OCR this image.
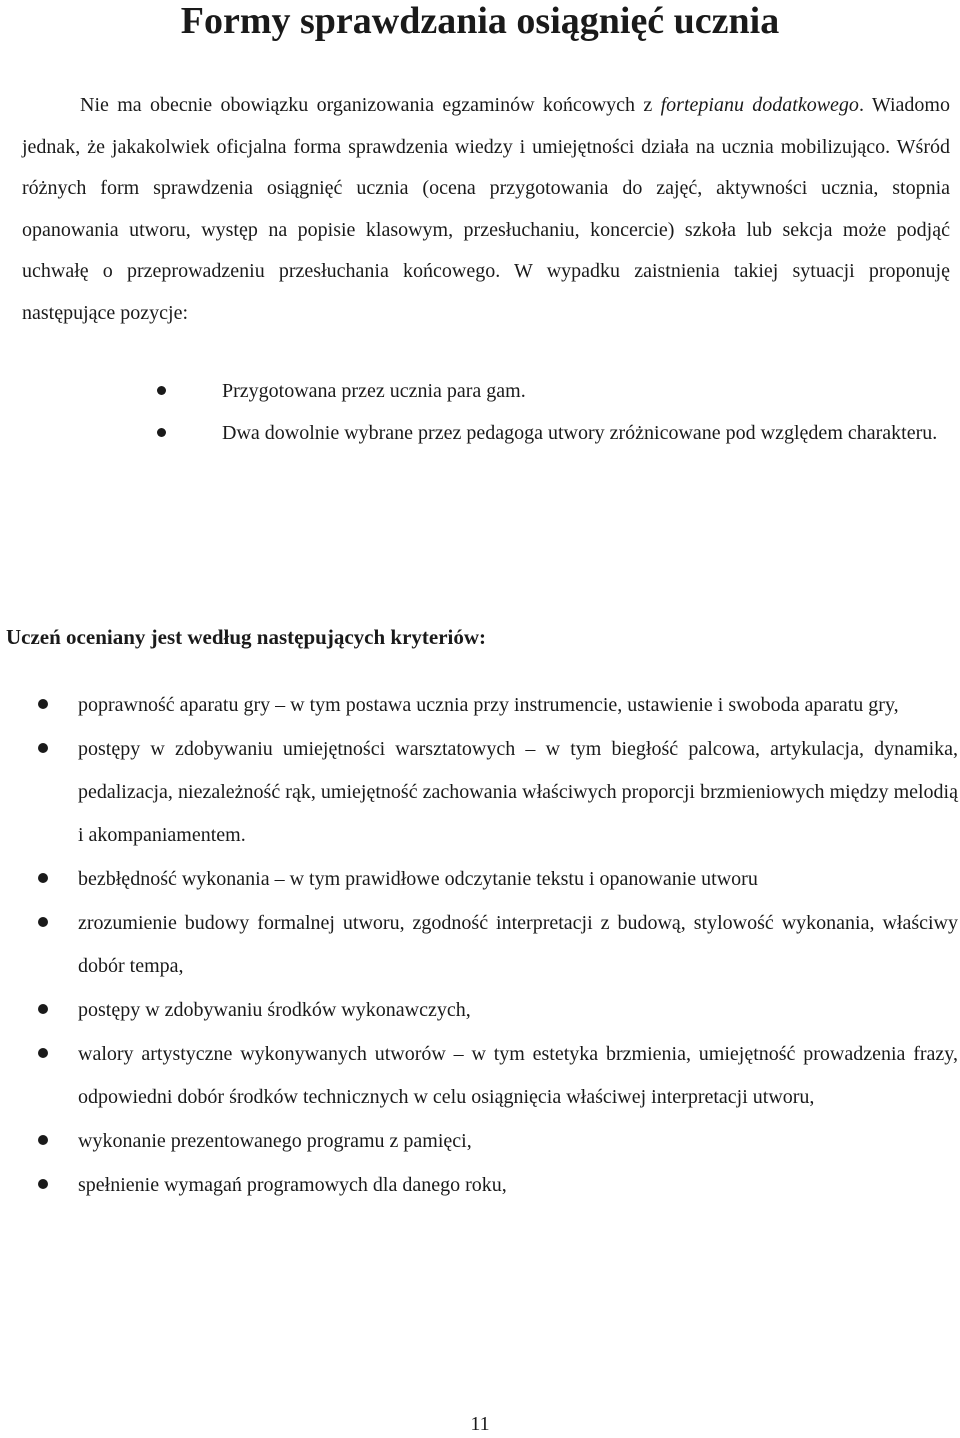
Formy sprawdzania osiągnięć ucznia

Nie ma obecnie obowiązku organizowania egzaminów końcowych z fortepianu dodatkowego. Wiadomo jednak, że jakakolwiek oficjalna forma sprawdzenia wiedzy i umiejętności działa na ucznia mobilizująco. Wśród różnych form sprawdzenia osiągnięć ucznia (ocena przygotowania do zajęć, aktywności ucznia, stopnia opanowania utworu, występ na popisie klasowym, przesłuchaniu, koncercie) szkoła lub sekcja może podjąć uchwałę o przeprowadzeniu przesłuchania końcowego. W wypadku zaistnienia takiej sytuacji proponuję następujące pozycje:

Przygotowana przez ucznia para gam.
Dwa dowolnie wybrane przez pedagoga utwory zróżnicowane pod względem charakteru.
Uczeń oceniany jest według następujących kryteriów:
poprawność aparatu gry – w tym postawa ucznia przy instrumencie, ustawienie i swoboda aparatu gry,
postępy w zdobywaniu umiejętności warsztatowych – w tym biegłość palcowa, artykulacja, dynamika, pedalizacja, niezależność rąk, umiejętność zachowania właściwych proporcji brzmieniowych między melodią i akompaniamentem.
bezbłędność wykonania – w tym prawidłowe odczytanie tekstu i opanowanie utworu
zrozumienie budowy formalnej utworu, zgodność interpretacji z budową, stylowość wykonania, właściwy dobór tempa,
postępy w zdobywaniu środków wykonawczych,
walory artystyczne wykonywanych utworów – w tym estetyka brzmienia, umiejętność prowadzenia frazy, odpowiedni dobór środków technicznych w celu osiągnięcia właściwej interpretacji utworu,
wykonanie prezentowanego programu z pamięci,
spełnienie wymagań programowych dla danego roku,
11
